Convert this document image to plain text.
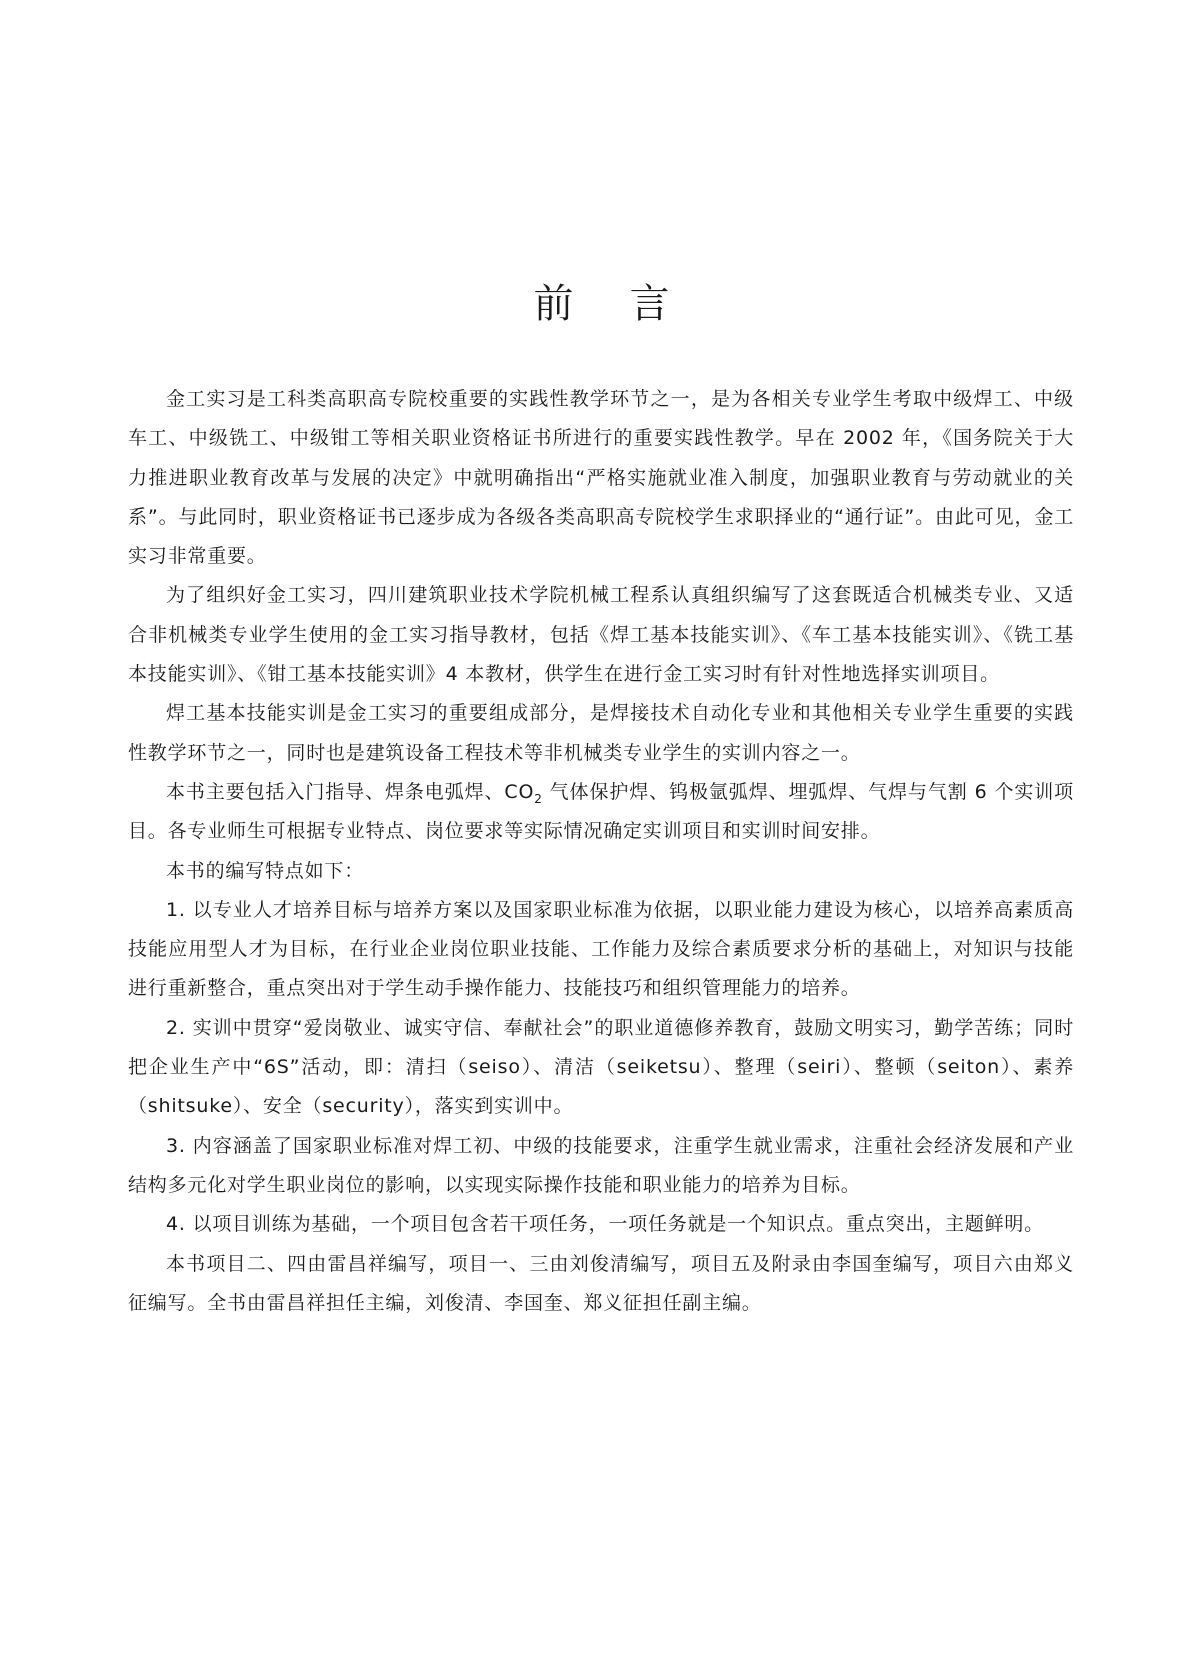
前言

金工实习是工科类高职高专院校重要的实践性教学环节之一，是为各相关专业学生考取中级焊工、中级车工、中级铣工、中级钳工等相关职业资格证书所进行的重要实践性教学。早在 2002 年，《国务院关于大力推进职业教育改革与发展的决定》中就明确指出“严格实施就业准入制度，加强职业教育与劳动就业的关系”。与此同时，职业资格证书已逐步成为各级各类高职高专院校学生求职择业的“通行证”。由此可见，金工实习非常重要。

为了组织好金工实习，四川建筑职业技术学院机械工程系认真组织编写了这套既适合机械类专业、又适合非机械类专业学生使用的金工实习指导教材，包括《焊工基本技能实训》、《车工基本技能实训》、《铣工基本技能实训》、《钳工基本技能实训》4 本教材，供学生在进行金工实习时有针对性地选择实训项目。

焊工基本技能实训是金工实习的重要组成部分，是焊接技术自动化专业和其他相关专业学生重要的实践性教学环节之一，同时也是建筑设备工程技术等非机械类专业学生的实训内容之一。

本书主要包括入门指导、焊条电弧焊、$CO_2$ 气体保护焊、钨极氩弧焊、埋弧焊、气焊与气割 6 个实训项目。各专业师生可根据专业特点、岗位要求等实际情况确定实训项目和实训时间安排。

本书的编写特点如下：

1. 以专业人才培养目标与培养方案以及国家职业标准为依据，以职业能力建设为核心，以培养高素质高技能应用型人才为目标，在行业企业岗位职业技能、工作能力及综合素质要求分析的基础上，对知识与技能进行重新整合，重点突出对于学生动手操作能力、技能技巧和组织管理能力的培养。

2. 实训中贯穿“爱岗敬业、诚实守信、奉献社会”的职业道德修养教育，鼓励文明实习，勤学苦练；同时把企业生产中“6S”活动，即：清扫（seiso）、清洁（seiketsu）、整理（seiri）、整顿（seiton）、素养（shitsuke）、安全（security），落实到实训中。

3. 内容涵盖了国家职业标准对焊工初、中级的技能要求，注重学生就业需求，注重社会经济发展和产业结构多元化对学生职业岗位的影响，以实现实际操作技能和职业能力的培养为目标。

4. 以项目训练为基础，一个项目包含若干项任务，一项任务就是一个知识点。重点突出，主题鲜明。

本书项目二、四由雷昌祥编写，项目一、三由刘俊清编写，项目五及附录由李国奎编写，项目六由郑义征编写。全书由雷昌祥担任主编，刘俊清、李国奎、郑义征担任副主编。
